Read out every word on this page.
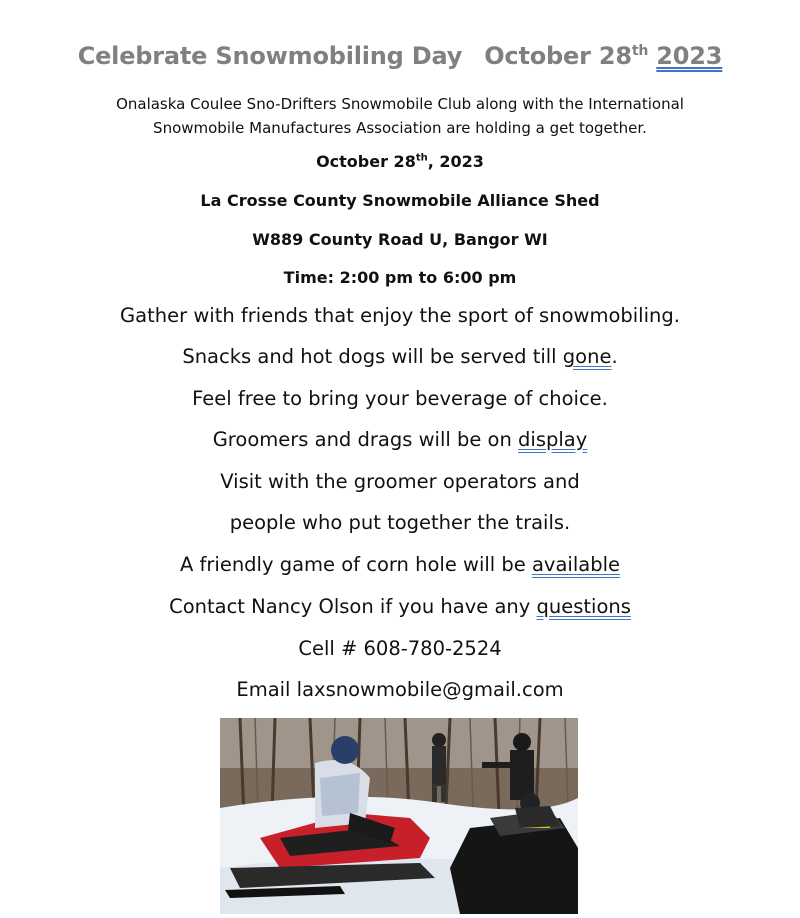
Celebrate Snowmobiling Day October 28th 2023
Onalaska Coulee Sno-Drifters Snowmobile Club along with the International
Snowmobile Manufactures Association are holding a get together.
October 28th, 2023
La Crosse County Snowmobile Alliance Shed
W889 County Road U, Bangor WI
Time: 2:00 pm to 6:00 pm
Gather with friends that enjoy the sport of snowmobiling.
Snacks and hot dogs will be served till gone.
Feel free to bring your beverage of choice.
Groomers and drags will be on display
Visit with the groomer operators and
people who put together the trails.
A friendly game of corn hole will be available
Contact Nancy Olson if you have any questions
Cell # 608-780-2524
Email laxsnowmobile@gmail.com
